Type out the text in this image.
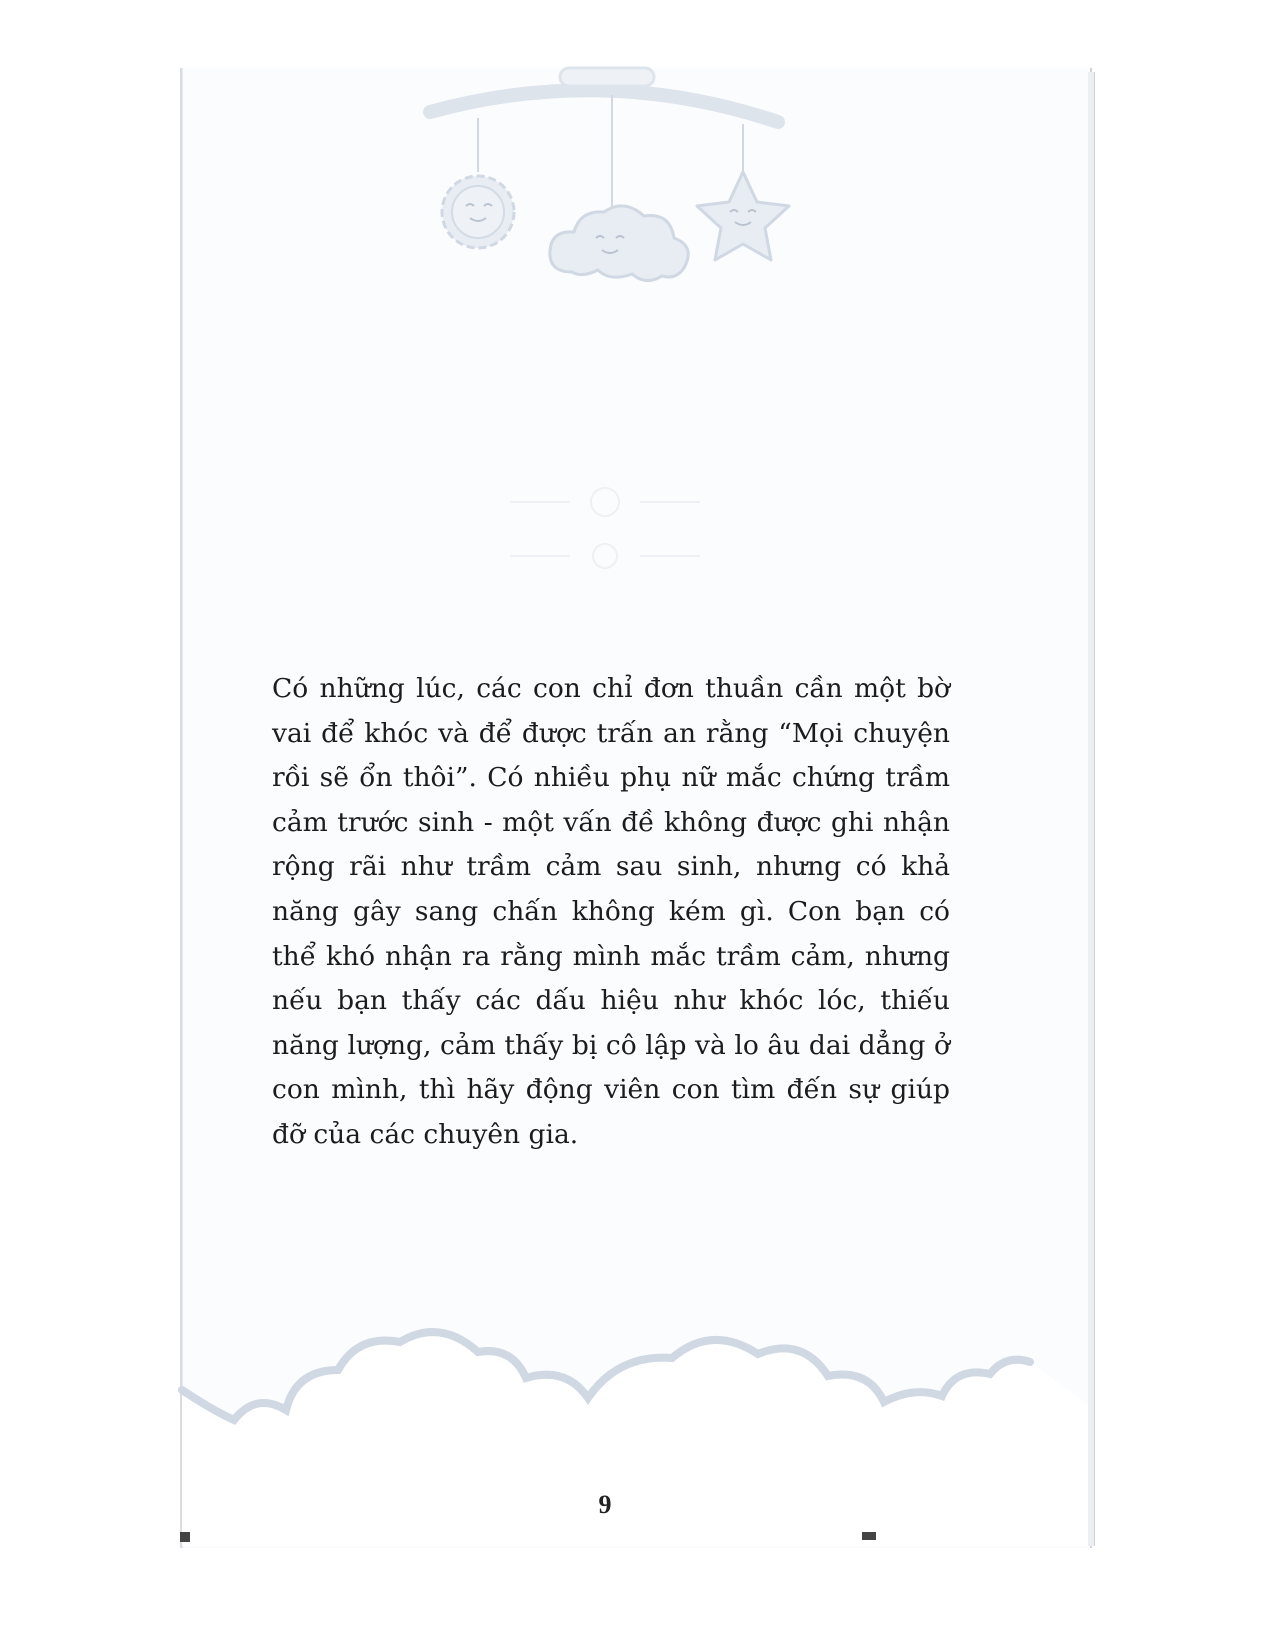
Có những lúc, các con chỉ đơn thuần cần một bờ vai để khóc và để được trấn an rằng “Mọi chuyện rồi sẽ ổn thôi”. Có nhiều phụ nữ mắc chứng trầm cảm trước sinh - một vấn đề không được ghi nhận rộng rãi như trầm cảm sau sinh, nhưng có khả năng gây sang chấn không kém gì. Con bạn có thể khó nhận ra rằng mình mắc trầm cảm, nhưng nếu bạn thấy các dấu hiệu như khóc lóc, thiếu năng lượng, cảm thấy bị cô lập và lo âu dai dẳng ở con mình, thì hãy động viên con tìm đến sự giúp đỡ của các chuyên gia.

9
